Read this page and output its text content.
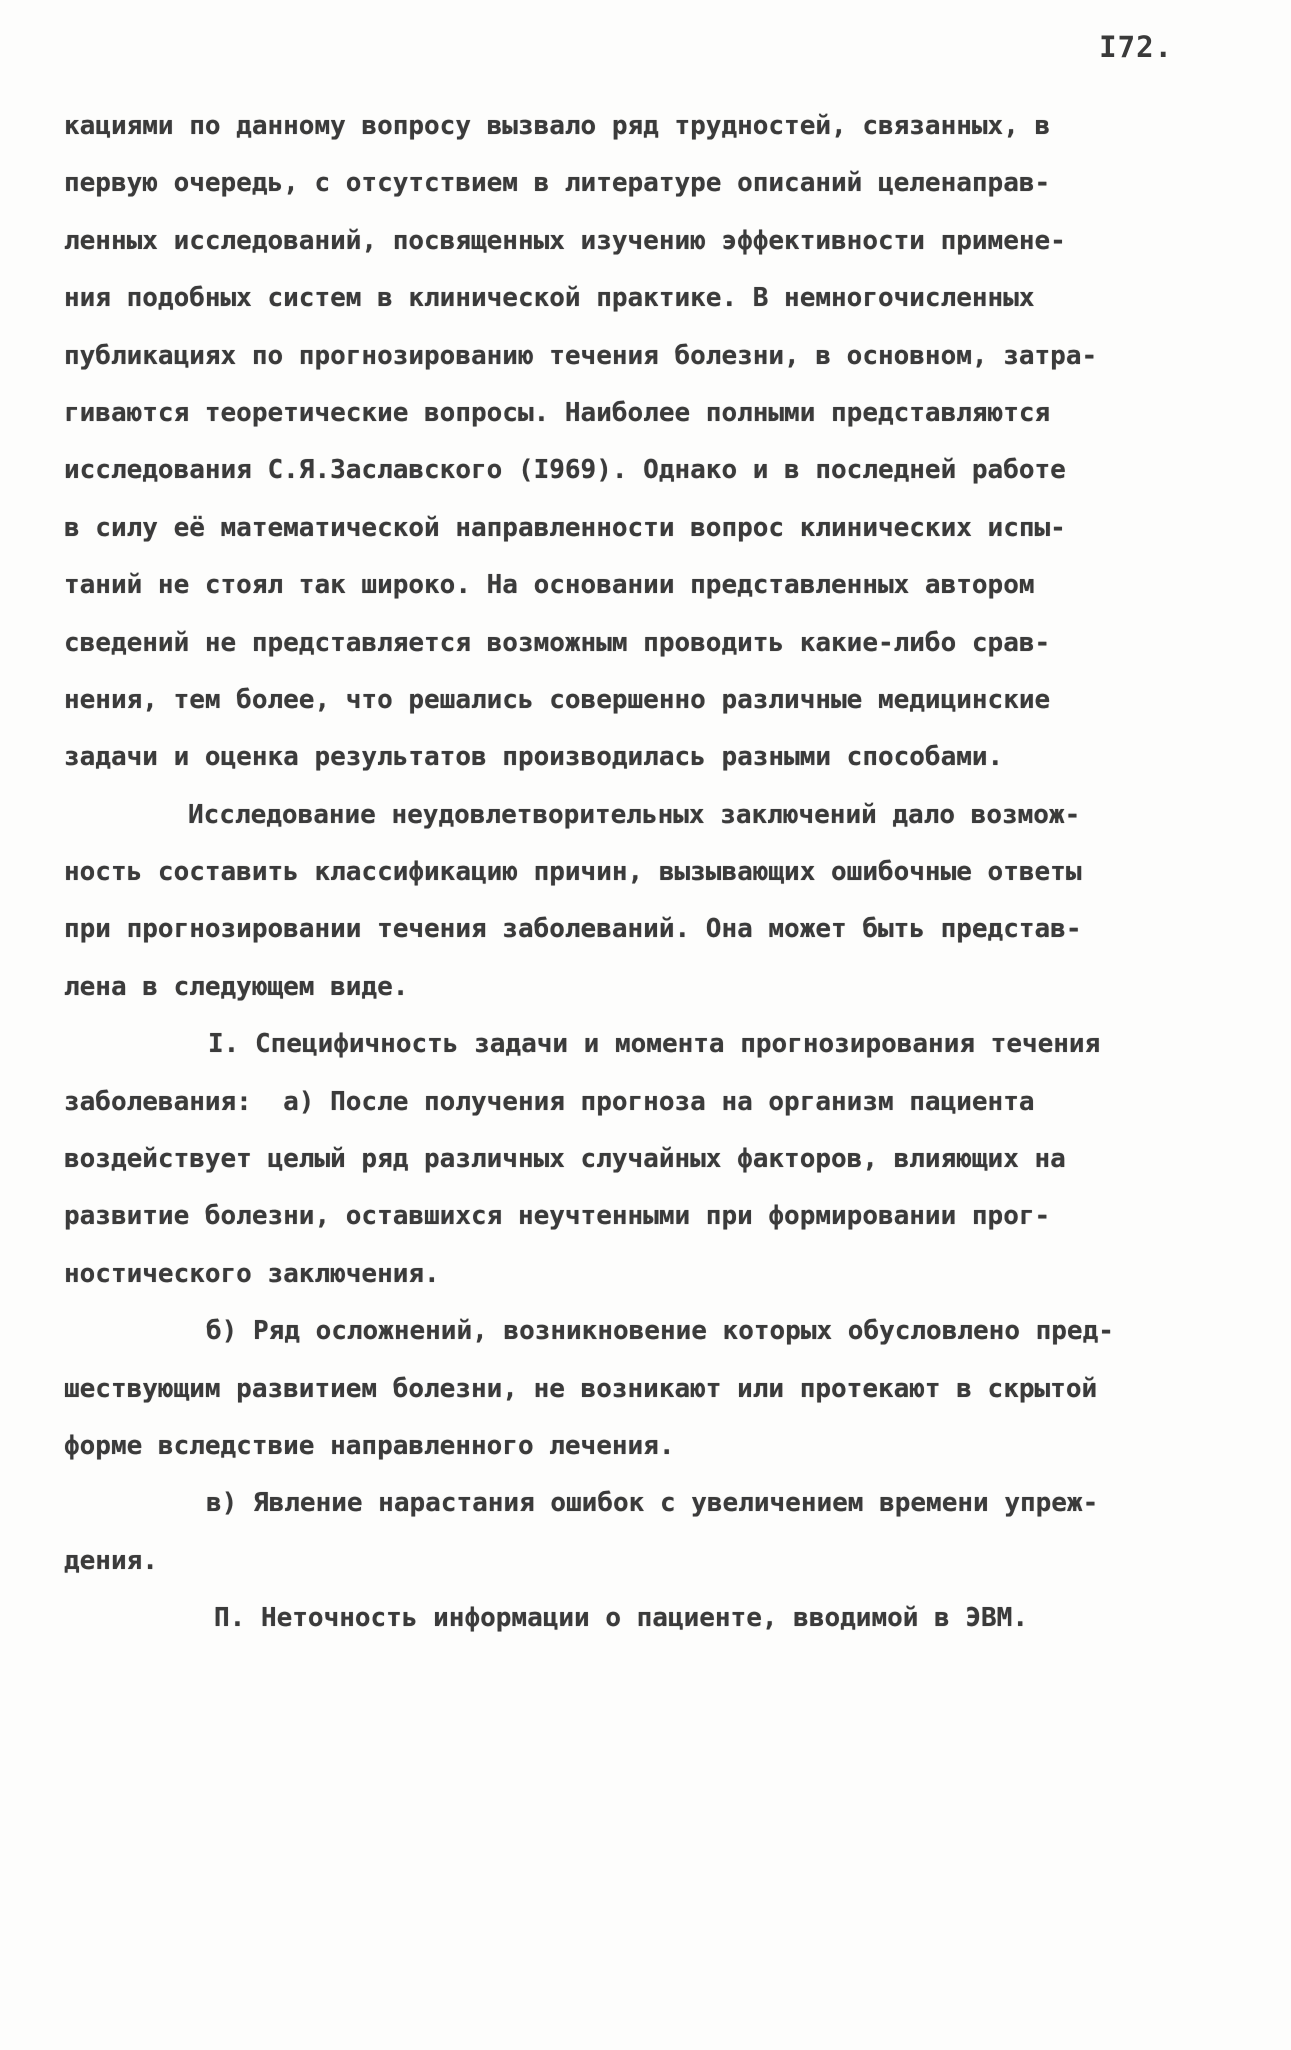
I72.
кациями по данному вопросу вызвало ряд трудностей, связанных, в
первую очередь, с отсутствием в литературе описаний целенаправ-
ленных исследований, посвященных изучению эффективности примене-
ния подобных систем в клинической практике. В немногочисленных
публикациях по прогнозированию течения болезни, в основном, затра-
гиваются теоретические вопросы. Наиболее полными представляются
исследования С.Я.Заславского (I969). Однако и в последней работе
в силу её математической направленности вопрос клинических испы-
таний не стоял так широко. На основании представленных автором
сведений не представляется возможным проводить какие-либо срав-
нения, тем более, что решались совершенно различные медицинские
задачи и оценка результатов производилась разными способами.
Исследование неудовлетворительных заключений дало возмож-
ность составить классификацию причин, вызывающих ошибочные ответы
при прогнозировании течения заболеваний. Она может быть представ-
лена в следующем виде.
I. Специфичность задачи и момента прогнозирования течения
заболевания:  а) После получения прогноза на организм пациента
воздействует целый ряд различных случайных факторов, влияющих на
развитие болезни, оставшихся неучтенными при формировании прог-
ностического заключения.
б) Ряд осложнений, возникновение которых обусловлено пред-
шествующим развитием болезни, не возникают или протекают в скрытой
форме вследствие направленного лечения.
в) Явление нарастания ошибок с увеличением времени упреж-
дения.
П. Неточность информации о пациенте, вводимой в ЭВМ.
